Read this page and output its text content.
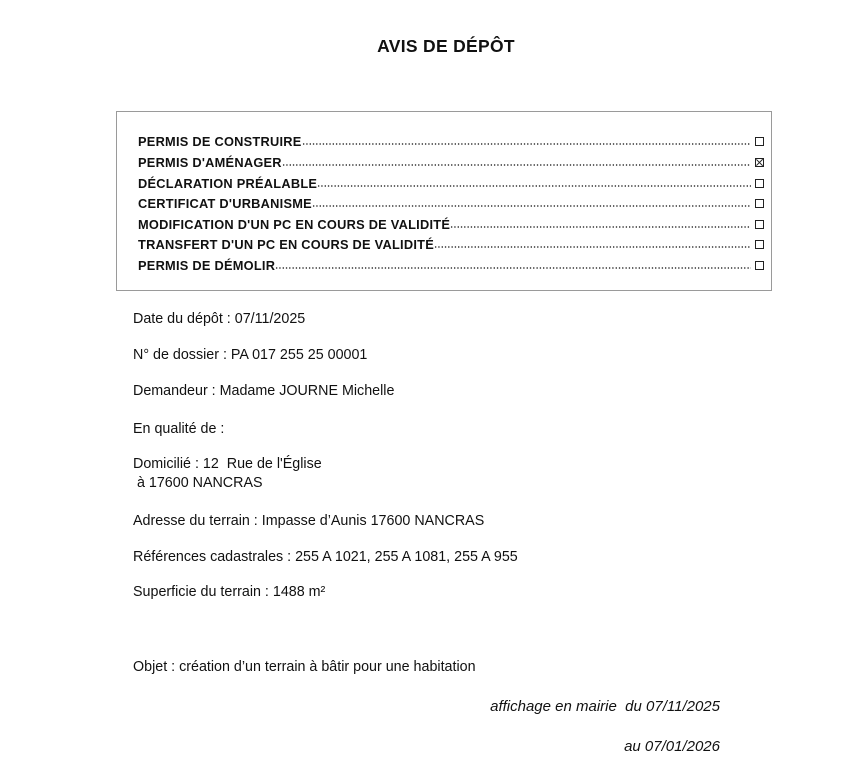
AVIS DE DÉPÔT
PERMIS DE CONSTRUIRE
PERMIS D'AMÉNAGER
DÉCLARATION PRÉALABLE
CERTIFICAT D'URBANISME
MODIFICATION D'UN PC EN COURS DE VALIDITÉ
TRANSFERT D'UN PC EN COURS DE VALIDITÉ
PERMIS DE DÉMOLIR
Date du dépôt : 07/11/2025
N° de dossier : PA 017 255 25 00001
Demandeur : Madame JOURNE Michelle
En qualité de :
Domicilié : 12  Rue de l'Église
à 17600 NANCRAS
Adresse du terrain : Impasse d’Aunis 17600 NANCRAS
Références cadastrales : 255 A 1021, 255 A 1081, 255 A 955
Superficie du terrain : 1488 m²
Objet : création d’un terrain à bâtir pour une habitation
affichage en mairie  du 07/11/2025
au 07/01/2026
